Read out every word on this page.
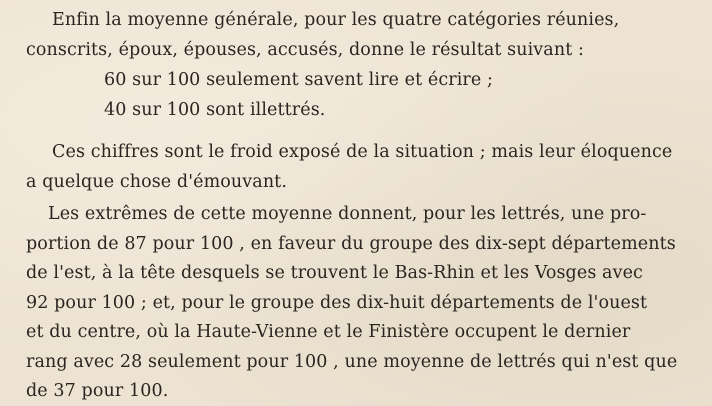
Enfin la moyenne générale, pour les quatre catégories réunies,
conscrits, époux, épouses, accusés, donne le résultat suivant :
60 sur 100 seulement savent lire et écrire ;
40 sur 100 sont illettrés.
Ces chiffres sont le froid exposé de la situation ; mais leur éloquence
a quelque chose d'émouvant.
Les extrêmes de cette moyenne donnent, pour les lettrés, une pro-
portion de 87 pour 100 , en faveur du groupe des dix-sept départements
de l'est, à la tête desquels se trouvent le Bas-Rhin et les Vosges avec
92 pour 100 ; et, pour le groupe des dix-huit départements de l'ouest
et du centre, où la Haute-Vienne et le Finistère occupent le dernier
rang avec 28 seulement pour 100 , une moyenne de lettrés qui n'est que
de 37 pour 100.
